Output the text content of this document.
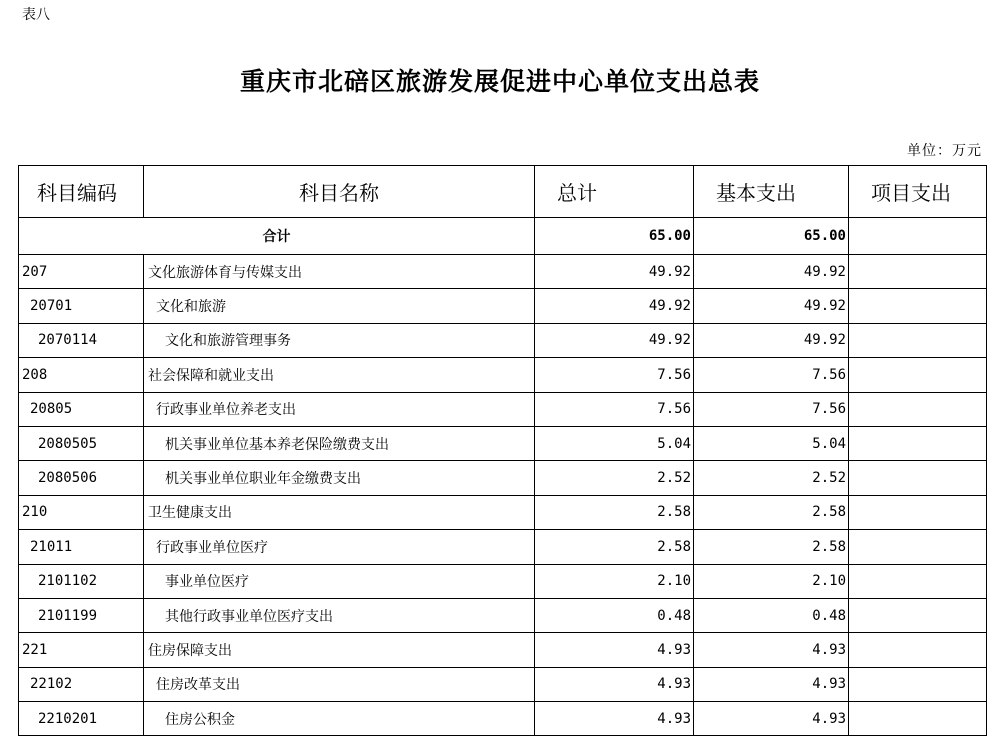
表八
重庆市北碚区旅游发展促进中心单位支出总表
单位：万元
科目编码	科目名称	总计	基本支出	项目支出
合计		65.00	65.00	
207	文化旅游体育与传媒支出	49.92	49.92	
20701	文化和旅游	49.92	49.92	
2070114	文化和旅游管理事务	49.92	49.92	
208	社会保障和就业支出	7.56	7.56	
20805	行政事业单位养老支出	7.56	7.56	
2080505	机关事业单位基本养老保险缴费支出	5.04	5.04	
2080506	机关事业单位职业年金缴费支出	2.52	2.52	
210	卫生健康支出	2.58	2.58	
21011	行政事业单位医疗	2.58	2.58	
2101102	事业单位医疗	2.10	2.10	
2101199	其他行政事业单位医疗支出	0.48	0.48	
221	住房保障支出	4.93	4.93	
22102	住房改革支出	4.93	4.93	
2210201	住房公积金	4.93	4.93	
